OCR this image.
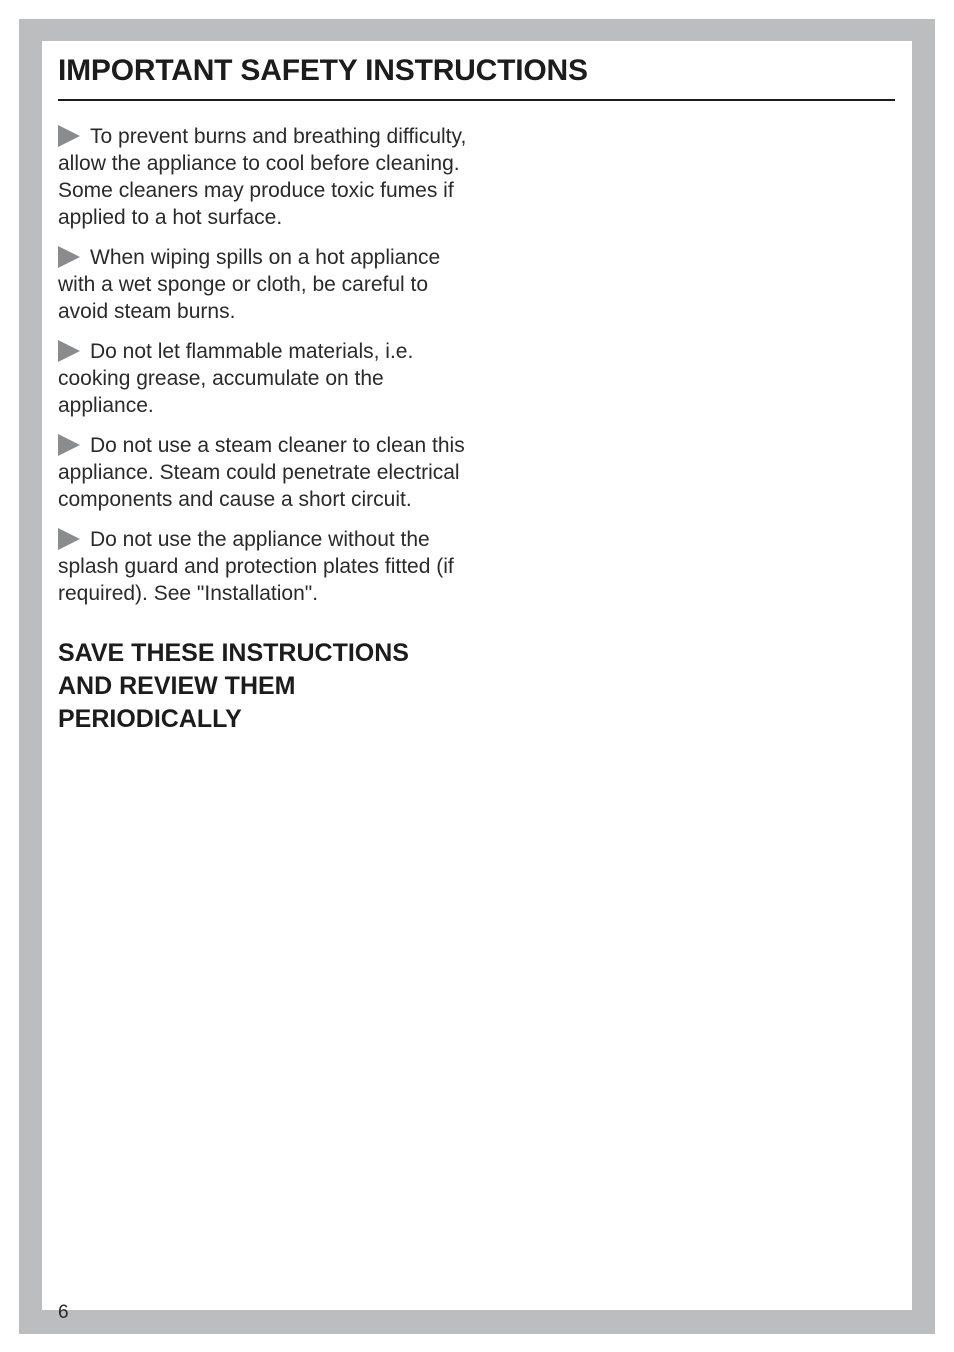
IMPORTANT SAFETY INSTRUCTIONS

To prevent burns and breathing difficulty, allow the appliance to cool before cleaning. Some cleaners may produce toxic fumes if applied to a hot surface.

When wiping spills on a hot appliance with a wet sponge or cloth, be careful to avoid steam burns.

Do not let flammable materials, i.e. cooking grease, accumulate on the appliance.

Do not use a steam cleaner to clean this appliance. Steam could penetrate electrical components and cause a short circuit.

Do not use the appliance without the splash guard and protection plates fitted (if required). See "Installation".

SAVE THESE INSTRUCTIONS AND REVIEW THEM PERIODICALLY
6
